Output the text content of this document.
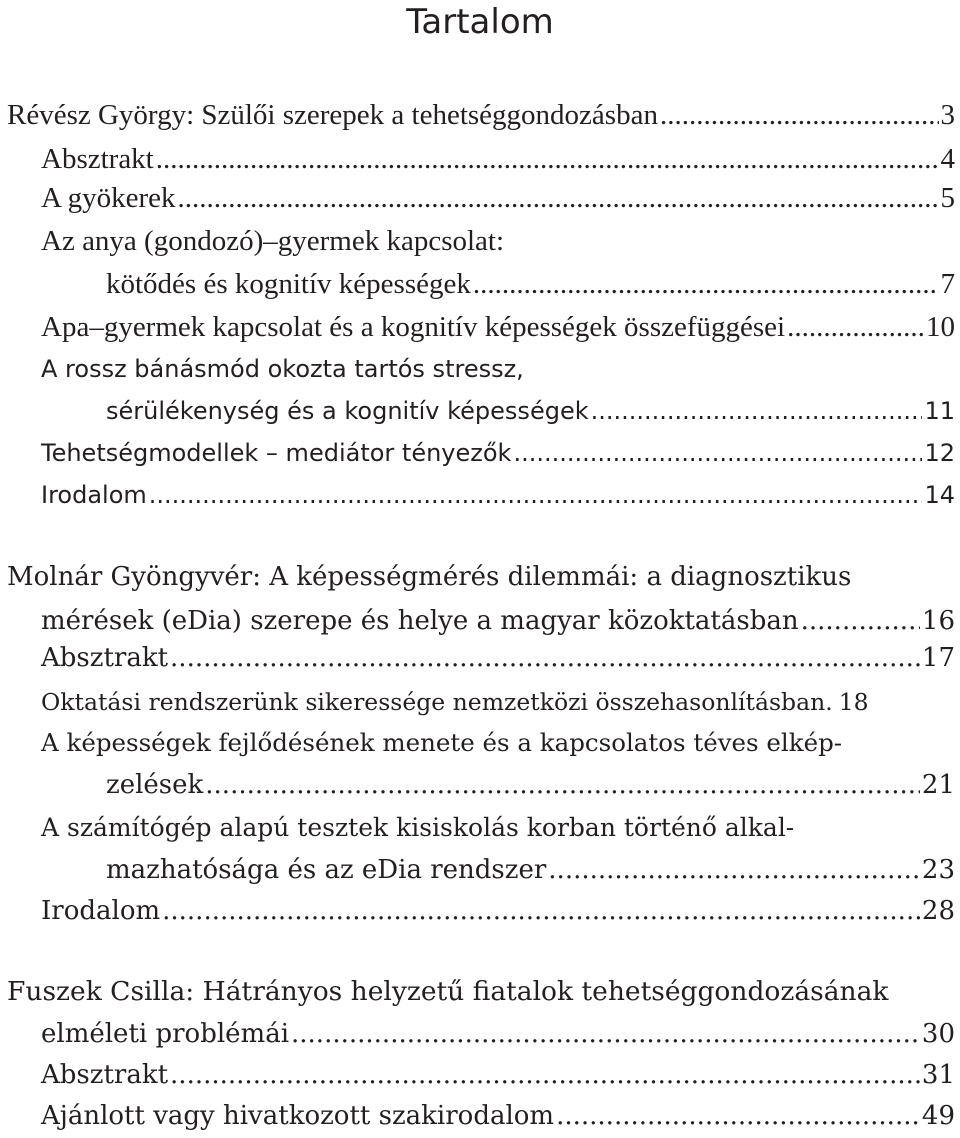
Tartalom
Révész György: Szülői szerepek a tehetséggondozásban .....	3
Absztrakt .....	4
A gyökerek .....	5
Az anya (gondozó)–gyermek kapcsolat:
kötődés és kognitív képességek .....	7
Apa–gyermek kapcsolat és a kognitív képességek összefüggései .....	10
A rossz bánásmód okozta tartós stressz,
sérülékenység és a kognitív képességek .....	11
Tehetségmodellek – mediátor tényezők .....	12
Irodalom .....	14
Molnár Gyöngyvér: A képességmérés dilemmái: a diagnosztikus
mérések (eDia) szerepe és helye a magyar közoktatásban .....	16
Absztrakt .....	17
Oktatási rendszerünk sikeressége nemzetközi összehasonlításban. 18
A képességek fejlődésének menete és a kapcsolatos téves elkép-
zelések .....	21
A számítógép alapú tesztek kisiskolás korban történő alkal-
mazhatósága és az eDia rendszer .....	23
Irodalom .....	28
Fuszek Csilla: Hátrányos helyzetű fiatalok tehetséggondozásának
elméleti problémái .....	30
Absztrakt .....	31
Ajánlott vagy hivatkozott szakirodalom .....	49
